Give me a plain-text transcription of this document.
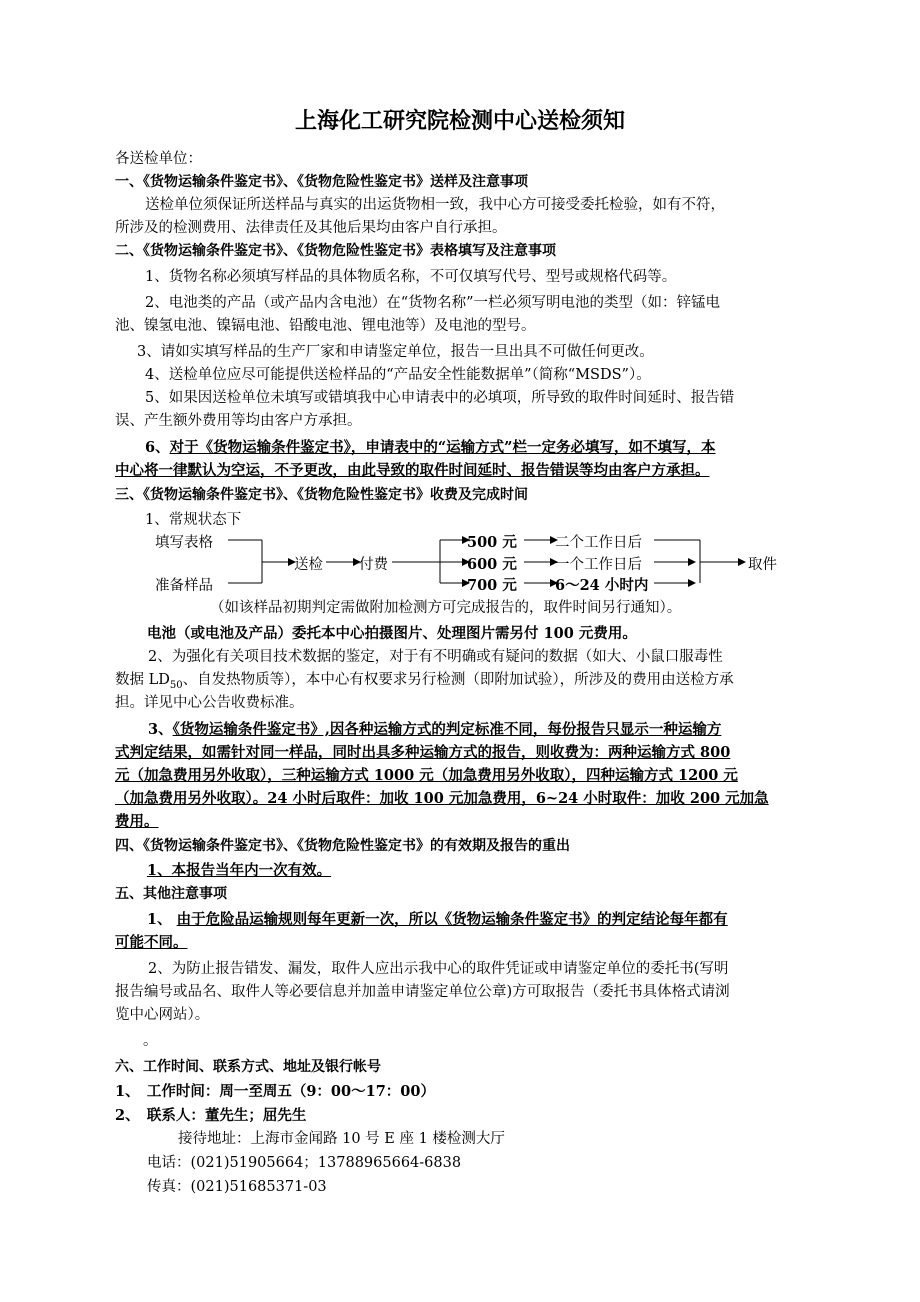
上海化工研究院检测中心送检须知
各送检单位：
一、《货物运输条件鉴定书》、《货物危险性鉴定书》送样及注意事项
送检单位须保证所送样品与真实的出运货物相一致，我中心方可接受委托检验，如有不符，
所涉及的检测费用、法律责任及其他后果均由客户自行承担。
二、《货物运输条件鉴定书》、《货物危险性鉴定书》表格填写及注意事项
1、货物名称必须填写样品的具体物质名称，不可仅填写代号、型号或规格代码等。
2、电池类的产品（或产品内含电池）在“货物名称”一栏必须写明电池的类型（如：锌锰电
池、镍氢电池、镍镉电池、铅酸电池、锂电池等）及电池的型号。
3、请如实填写样品的生产厂家和申请鉴定单位，报告一旦出具不可做任何更改。
4、送检单位应尽可能提供送检样品的“产品安全性能数据单”（简称“MSDS”）。
5、如果因送检单位未填写或错填我中心申请表中的必填项，所导致的取件时间延时、报告错
误、产生额外费用等均由客户方承担。
6、对于《货物运输条件鉴定书》，申请表中的“运输方式”栏一定务必填写，如不填写，本
中心将一律默认为空运，不予更改，由此导致的取件时间延时、报告错误等均由客户方承担。
三、《货物运输条件鉴定书》、《货物危险性鉴定书》收费及完成时间
1、常规状态下
填写表格
准备样品
送检 付费
500 元
600 元
700 元
二个工作日后
一个工作日后
6～24 小时内
取件
（如该样品初期判定需做附加检测方可完成报告的，取件时间另行通知）。
电池（或电池及产品）委托本中心拍摄图片、处理图片需另付 100 元费用。
2、为强化有关项目技术数据的鉴定，对于有不明确或有疑问的数据（如大、小鼠口服毒性
数据 $LD_{50}$、自发热物质等），本中心有权要求另行检测（即附加试验），所涉及的费用由送检方承
担。详见中心公告收费标准。
3、《货物运输条件鉴定书》,因各种运输方式的判定标准不同，每份报告只显示一种运输方
式判定结果，如需针对同一样品，同时出具多种运输方式的报告，则收费为：两种运输方式 800
元（加急费用另外收取），三种运输方式 1000 元（加急费用另外收取），四种运输方式 1200 元
（加急费用另外收取）。24 小时后取件：加收 100 元加急费用，6~24 小时取件：加收 200 元加急
费用。
四、《货物运输条件鉴定书》、《货物危险性鉴定书》的有效期及报告的重出
1、本报告当年内一次有效。
五、其他注意事项
1、 由于危险品运输规则每年更新一次，所以《货物运输条件鉴定书》的判定结论每年都有
可能不同。
2、为防止报告错发、漏发，取件人应出示我中心的取件凭证或申请鉴定单位的委托书(写明
报告编号或品名、取件人等必要信息并加盖申请鉴定单位公章)方可取报告（委托书具体格式请浏
览中心网站）。
。
六、工作时间、联系方式、地址及银行帐号
1、　工作时间：周一至周五（9：00～17：00）
2、　联系人：董先生；屈先生
接待地址：上海市金闻路 10 号 E 座 1 楼检测大厅
电话：(021)51905664；13788965664-6838
传真：(021)51685371-03
